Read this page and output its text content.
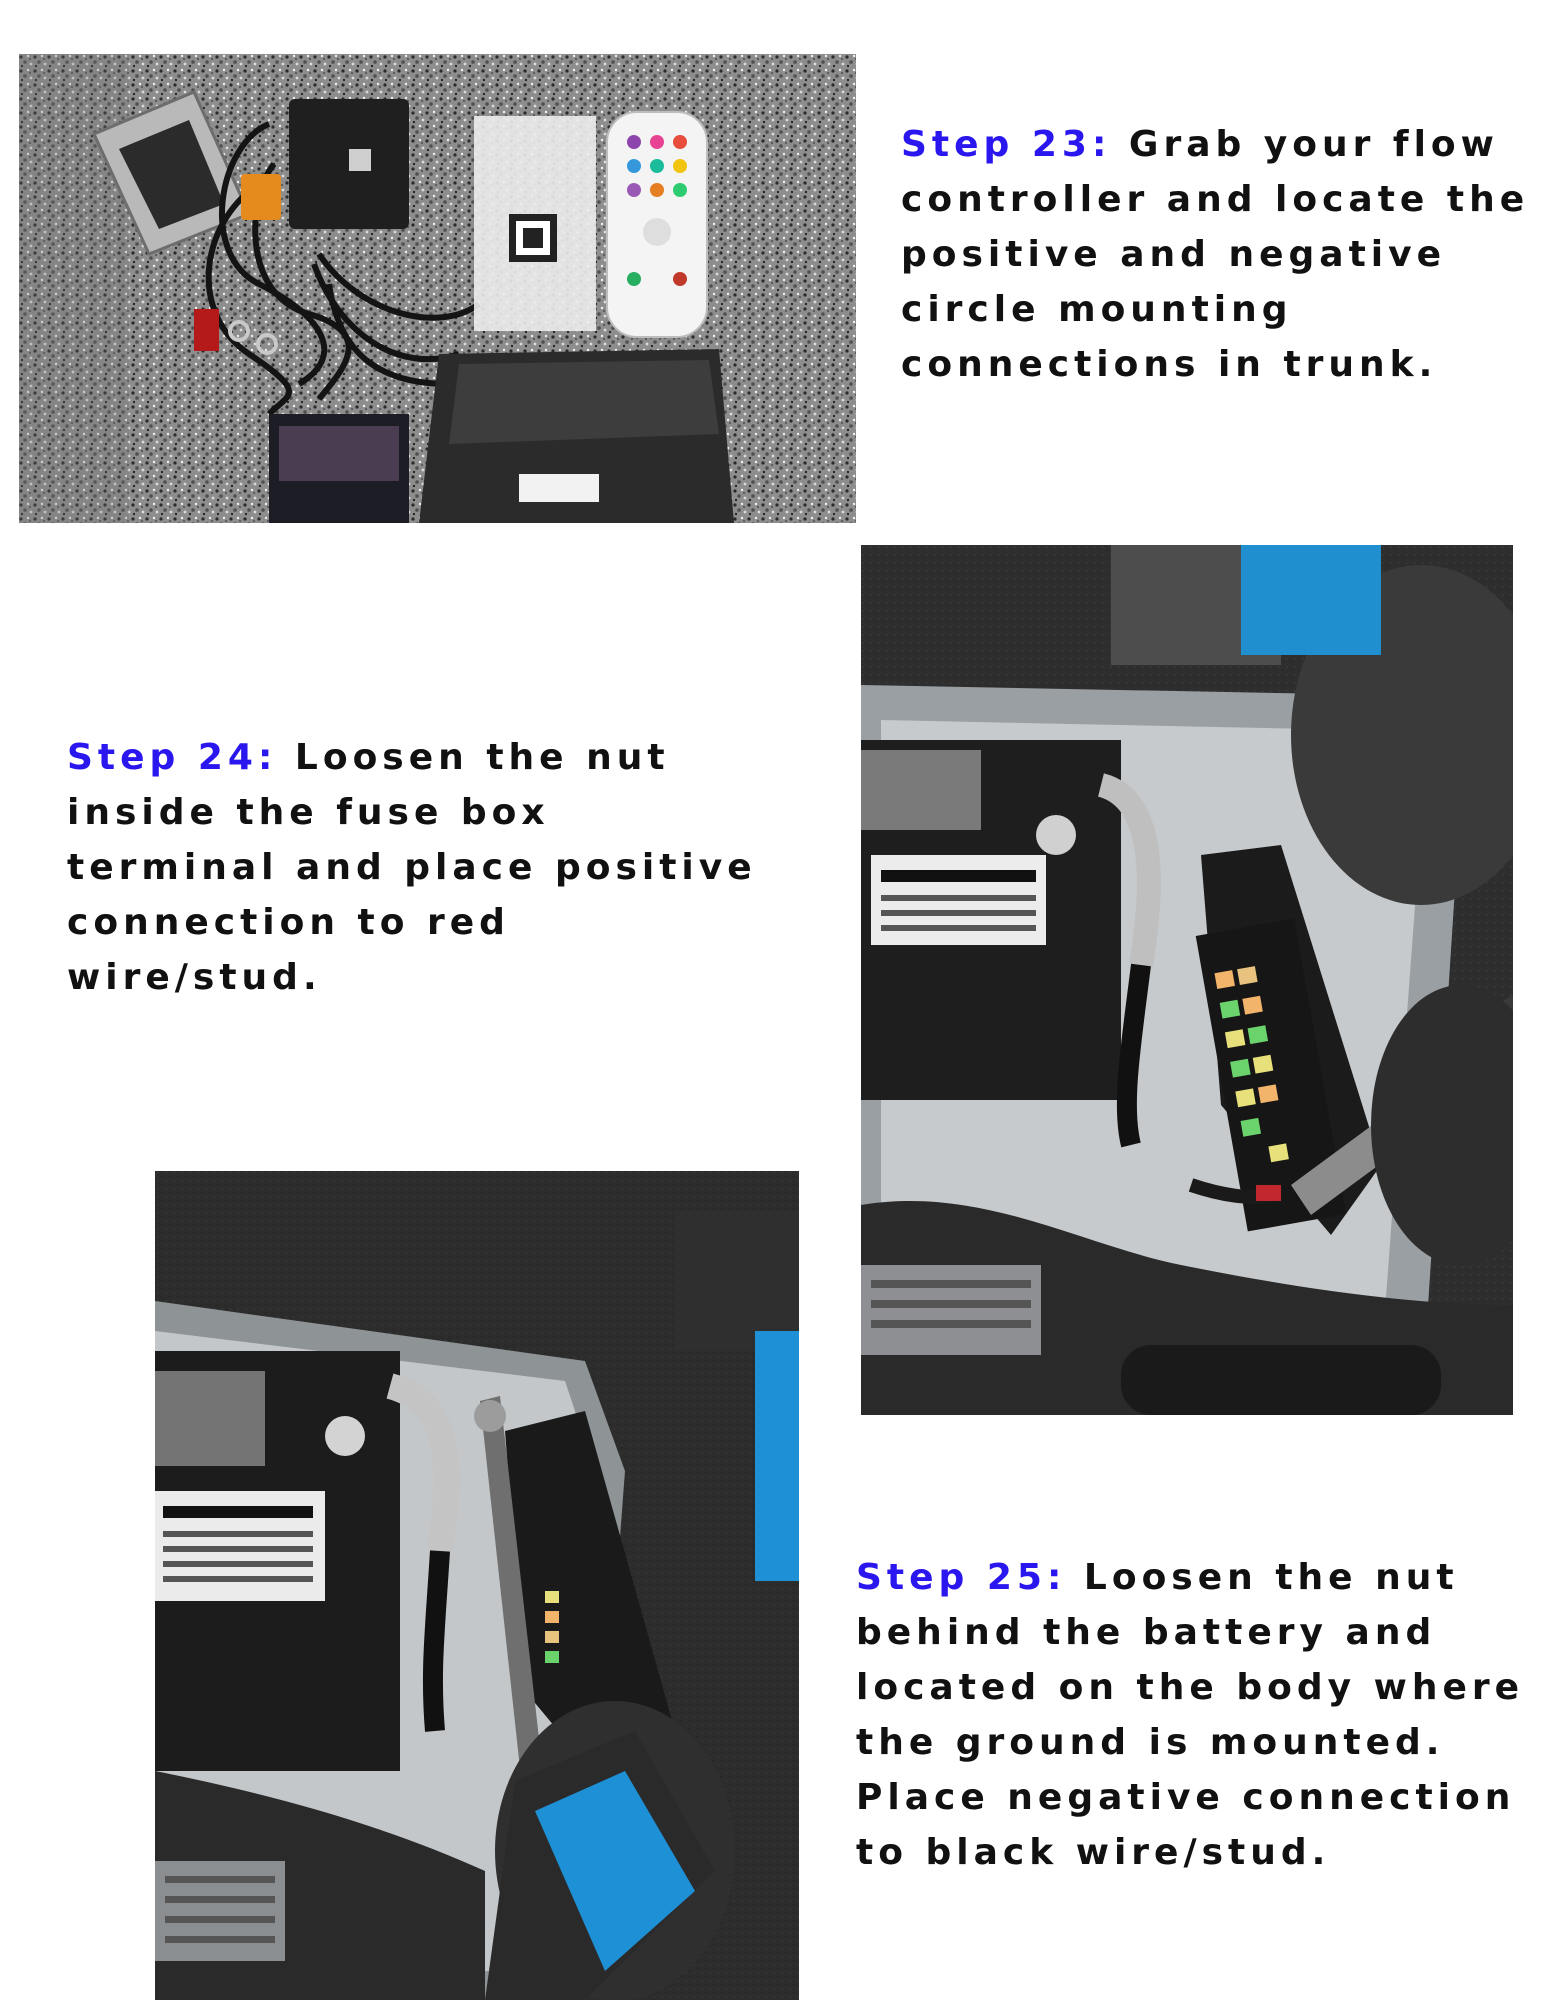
Step 23: Grab your flow controller and locate the positive and negative circle mounting connections in trunk.

Step 24: Loosen the nut inside the fuse box terminal and place positive connection to red wire/stud.

Step 25: Loosen the nut behind the battery and located on the body where the ground is mounted. Place negative connection to black wire/stud.
